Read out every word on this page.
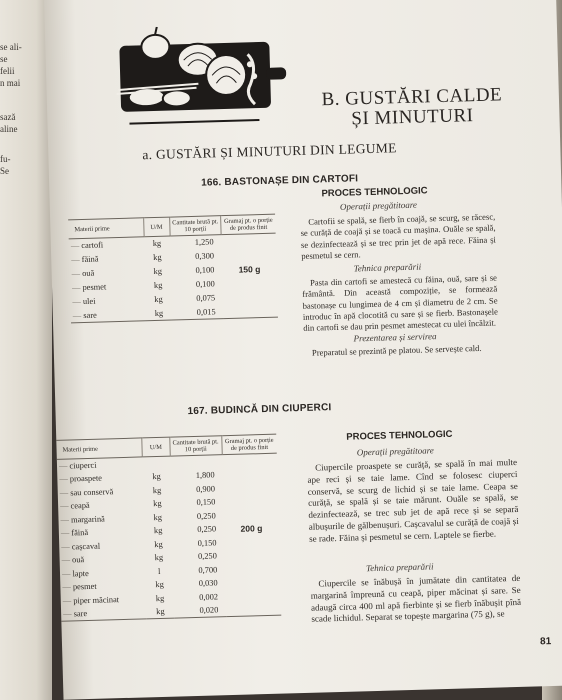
se ali-
se
felii
n mai
sază
aline
fu-
Se
B. GUSTĂRI CALDE
ȘI MINUTURI
a. GUSTĂRI ȘI MINUTURI DIN LEGUME
166. BASTONAȘE DIN CARTOFI
Materii prime	U/M	Cantitate brută pt. 10 porții	Gramaj pt. o porție de produs finit
— cartofi	kg	1,250	
— făină	kg	0,300	
— ouă	kg	0,100	150 g
— pesmet	kg	0,100	
— ulei	kg	0,075	
— sare	kg	0,015	
PROCES TEHNOLOGIC
Operații pregătitoare
Cartofii se spală, se fierb în coajă, se scurg, se răcesc, se curăță de coajă și se toacă cu mașina. Ouăle se spală, se dezinfectează și se trec prin jet de apă rece. Făina și pesmetul se cern.
Tehnica preparării
Pasta din cartofi se amestecă cu făina, ouă, sare și se frământă. Din această compoziție, se formează bastonașe cu lungimea de 4 cm și diametru de 2 cm. Se introduc în apă clocotită cu sare și se fierb. Bastonașele din cartofi se dau prin pesmet amestecat cu ulei încălzit.
Prezentarea și servirea
Preparatul se prezintă pe platou. Se servește cald.
167. BUDINCĂ DIN CIUPERCI
Materii prime	U/M	Cantitate brută pt. 10 porții	Gramaj pt. o porție de produs finit
— ciuperci			
— proaspete	kg	1,800	
— sau conservă	kg	0,900	
— ceapă	kg	0,150	
— margarină	kg	0,250	
— făină	kg	0,250	200 g
— cașcaval	kg	0,150	
— ouă	kg	0,250	
— lapte	l	0,700	
— pesmet	kg	0,030	
— piper măcinat	kg	0,002	
— sare	kg	0,020	
PROCES TEHNOLOGIC
Operații pregătitoare
Ciupercile proaspete se curăță, se spală în mai multe ape reci și se taie lame. Cînd se folosesc ciuperci conservă, se scurg de lichid și se taie lame. Ceapa se curăță, se spală și se taie mărunt. Ouăle se spală, se dezinfectează, se trec sub jet de apă rece și se separă albușurile de gălbenușuri. Cașcavalul se curăță de coajă și se rade. Făina și pesmetul se cern. Laptele se fierbe.
Tehnica preparării
Ciupercile se înăbușă în jumătate din cantitatea de margarină împreună cu ceapă, piper măcinat și sare. Se adaugă circa 400 ml apă fierbinte și se fierb înăbușit pînă scade lichidul. Separat se topește margarina (75 g), se
81
